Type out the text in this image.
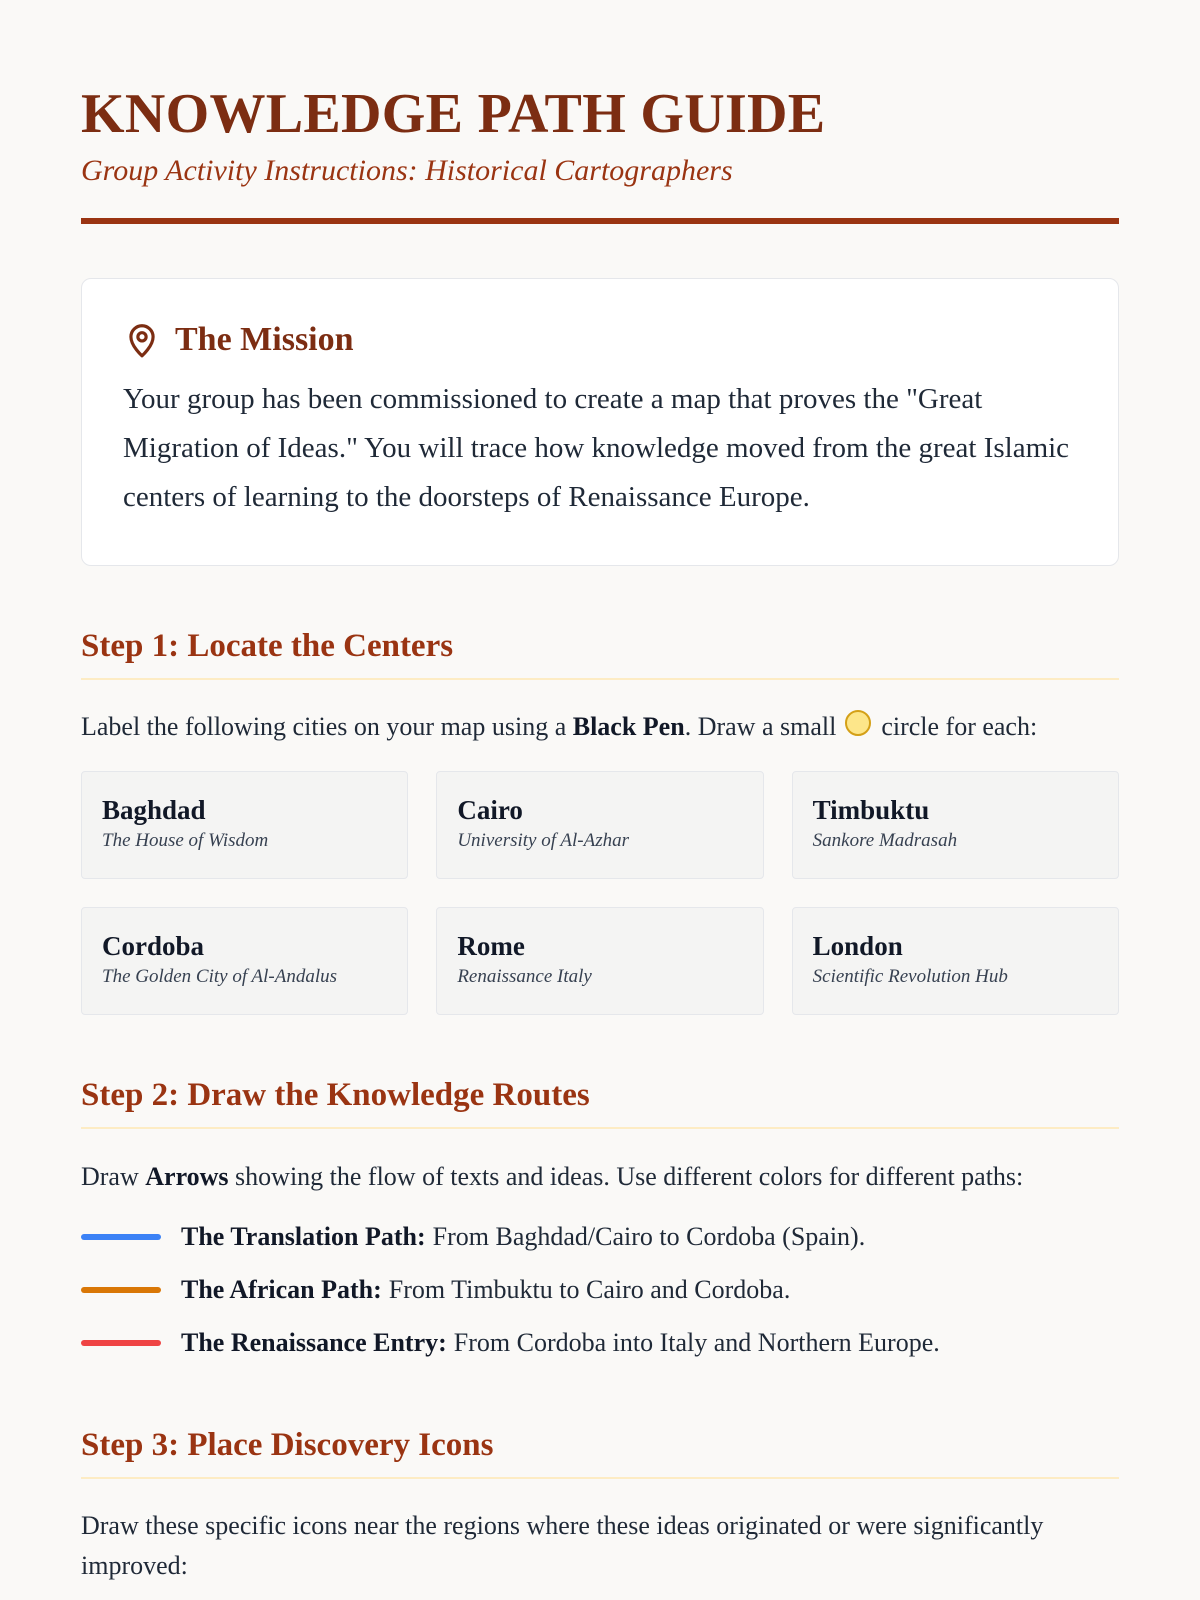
KNOWLEDGE PATH GUIDE
Group Activity Instructions: Historical Cartographers
The Mission
Your group has been commissioned to create a map that proves the "Great Migration of Ideas." You will trace how knowledge moved from the great Islamic centers of learning to the doorsteps of Renaissance Europe.
Step 1: Locate the Centers
Label the following cities on your map using a Black Pen. Draw a small  circle for each:
Baghdad
The House of Wisdom
Cairo
University of Al-Azhar
Timbuktu
Sankore Madrasah
Cordoba
The Golden City of Al-Andalus
Rome
Renaissance Italy
London
Scientific Revolution Hub
Step 2: Draw the Knowledge Routes
Draw Arrows showing the flow of texts and ideas. Use different colors for different paths:
The Translation Path: From Baghdad/Cairo to Cordoba (Spain).
The African Path: From Timbuktu to Cairo and Cordoba.
The Renaissance Entry: From Cordoba into Italy and Northern Europe.
Step 3: Place Discovery Icons
Draw these specific icons near the regions where these ideas originated or were significantly improved:
